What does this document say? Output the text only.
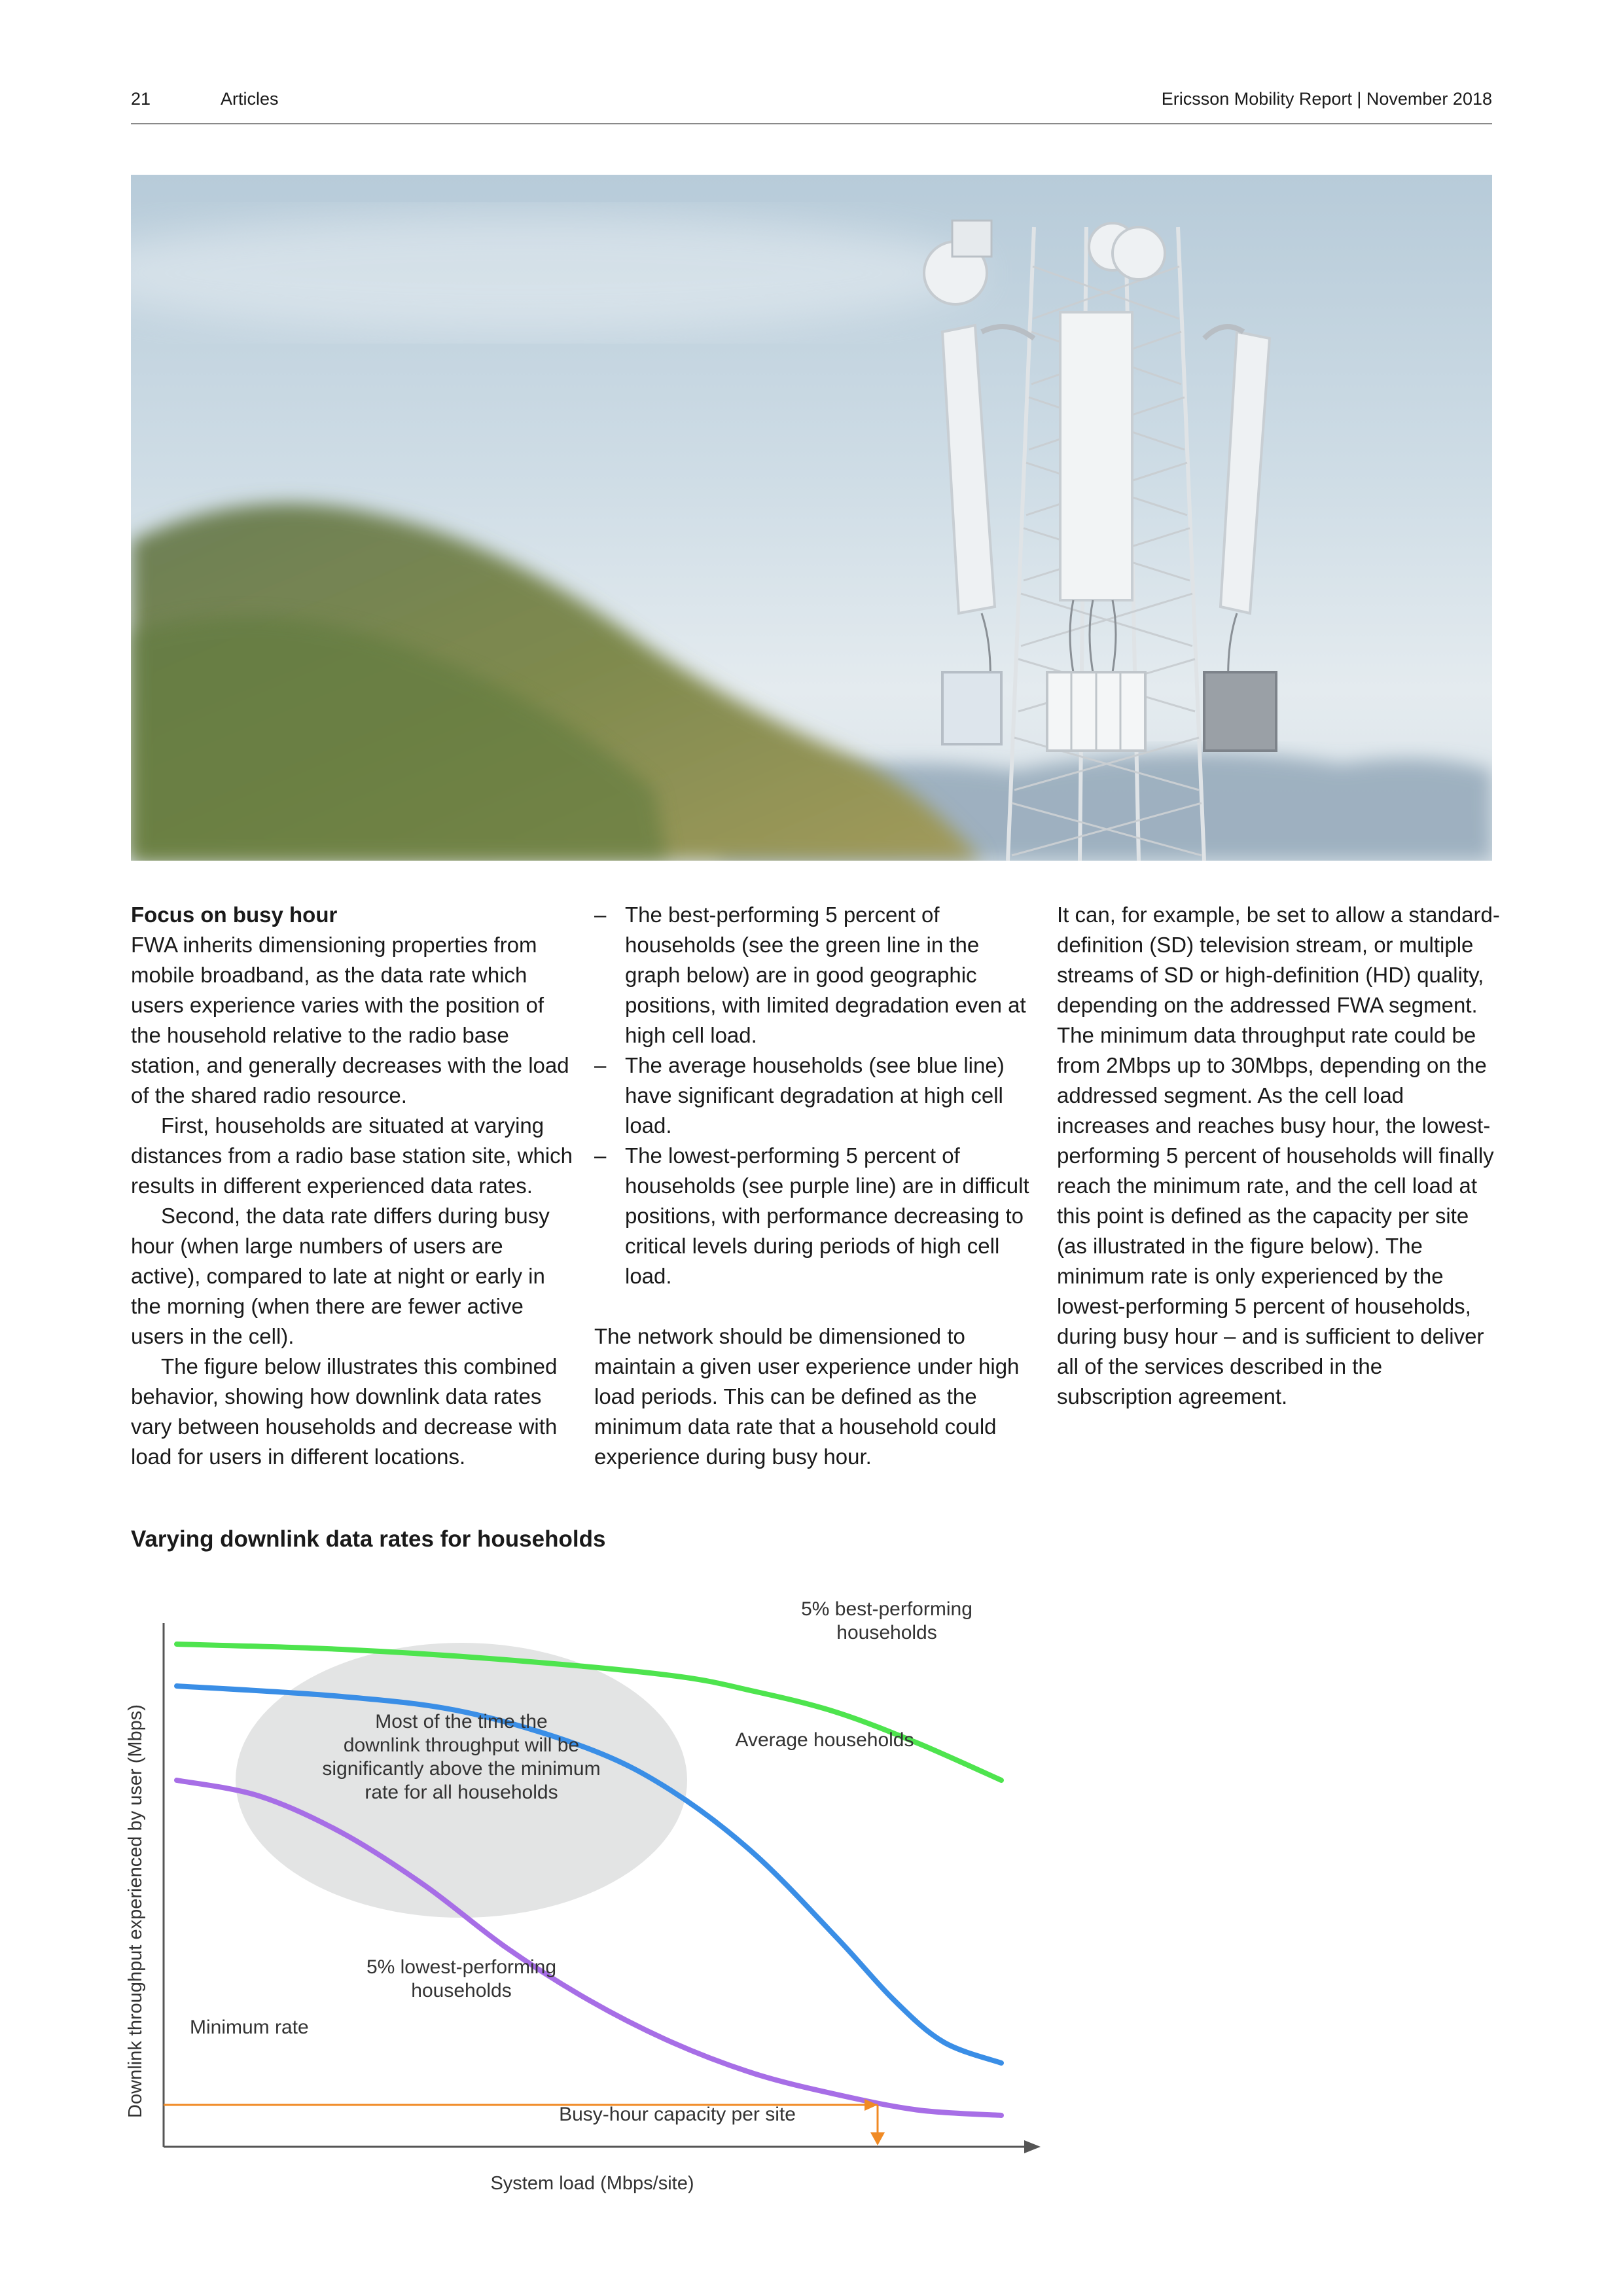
21	Articles	Ericsson Mobility Report | November 2018
Focus on busy hour

FWA inherits dimensioning properties from mobile broadband, as the data rate which users experience varies with the position of the household relative to the radio base station, and generally decreases with the load of the shared radio resource.

First, households are situated at varying distances from a radio base station site, which results in different experienced data rates.

Second, the data rate differs during busy hour (when large numbers of users are active), compared to late at night or early in the morning (when there are fewer active users in the cell).

The figure below illustrates this combined behavior, showing how downlink data rates vary between households and decrease with load for users in different locations.

– The best-performing 5 percent of households (see the green line in the graph below) are in good geographic positions, with limited degradation even at high cell load.
– The average households (see blue line) have significant degradation at high cell load.
– The lowest-performing 5 percent of households (see purple line) are in difficult positions, with performance decreasing to critical levels during periods of high cell load.

The network should be dimensioned to maintain a given user experience under high load periods. This can be defined as the minimum data rate that a household could experience during busy hour.

It can, for example, be set to allow a standard-definition (SD) television stream, or multiple streams of SD or high-definition (HD) quality, depending on the addressed FWA segment. The minimum data throughput rate could be from 2Mbps up to 30Mbps, depending on the addressed segment. As the cell load increases and reaches busy hour, the lowest-performing 5 percent of households will finally reach the minimum rate, and the cell load at this point is defined as the capacity per site (as illustrated in the figure below). The minimum rate is only experienced by the lowest-performing 5 percent of households, during busy hour – and is sufficient to deliver all of the services described in the subscription agreement.

Varying downlink data rates for households
Downlink throughput experienced by user (Mbps)
System load (Mbps/site)
Most of the time the
downlink throughput will be
significantly above the minimum
rate for all households
5% best-performing
households
Average households
5% lowest-performing
households
Busy-hour capacity per site
Minimum rate
